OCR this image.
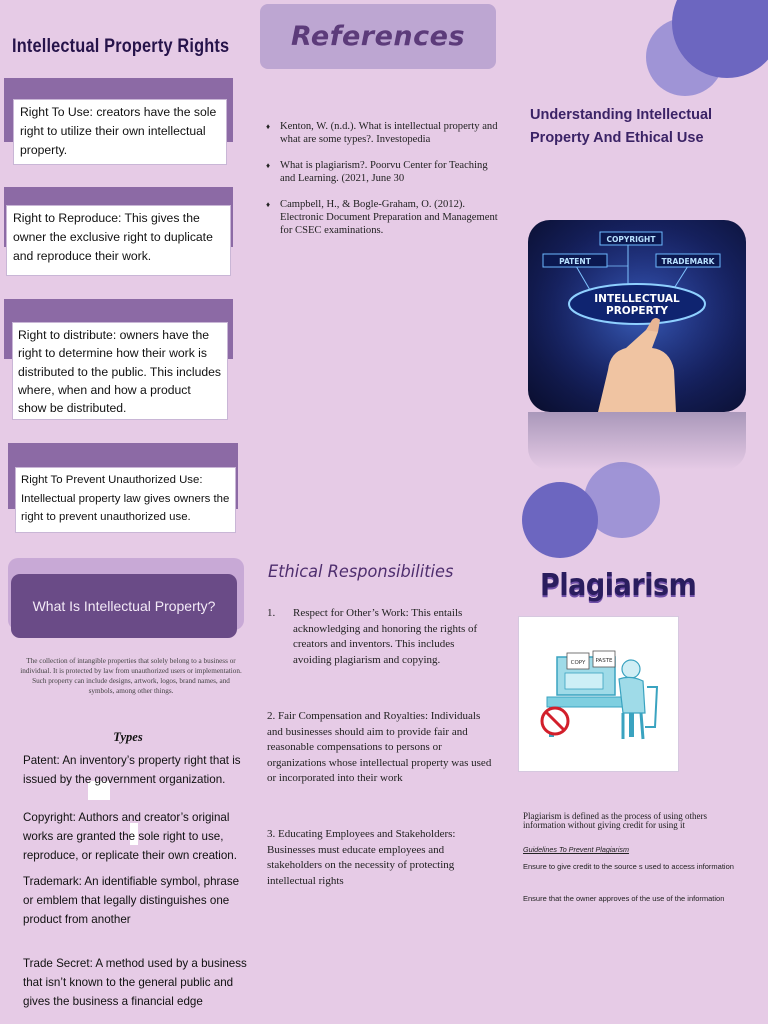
Intellectual Property Rights
Right To Use: creators have the sole right to utilize their own intellectual property.
Right to Reproduce: This gives the owner the exclusive right to duplicate and reproduce their work.
Right to distribute: owners have the right to determine how their work is distributed to the public. This includes where, when and how a product show be distributed.
Right To Prevent Unauthorized Use: Intellectual property law gives owners the right to prevent unauthorized use.
What Is Intellectual Property?
The collection of intangible properties that solely belong to a business or individual. It is protected by law from unauthorized users or implementation. Such property can include designs, artwork, logos, brand names, and symbols, among other things.
Types
Patent: An inventory’s property right that is issued by the government organization.
Copyright: Authors and creator’s original works are granted the sole right to use, reproduce, or replicate their own creation.
Trademark: An identifiable symbol, phrase or emblem that legally distinguishes one product from another
Trade Secret: A method used by a business that isn’t known to the general public and gives the business a financial edge
References
♦ Kenton, W. (n.d.). What is intellectual property and what are some types?. Investopedia
♦ What is plagiarism?. Poorvu Center for Teaching and Learning. (2021, June 30
♦ Campbell, H., & Bogle-Graham, O. (2012). Electronic Document Preparation and Management for CSEC examinations.
Ethical Responsibilities
1.	Respect for Other’s Work: This entails acknowledging and honoring the rights of creators and inventors. This includes avoiding plagiarism and copying.
2. Fair Compensation and Royalties: Individuals and businesses should aim to provide fair and reasonable compensations to persons or organizations whose intellectual property was used or incorporated into their work
3. Educating Employees and Stakeholders: Businesses must educate employees and stakeholders on the necessity of protecting intellectual rights
Understanding Intellectual Property And Ethical Use
COPYRIGHT
PATENT	TRADEMARK
INTELLECTUAL
PROPERTY
Plagiarism
COPY PASTE
Plagiarism is defined as the process of using others information without giving credit for using it
Guidelines To Prevent Plagiarism
Ensure to give credit to the source s used to access information
Ensure that the owner approves of the use of the information
